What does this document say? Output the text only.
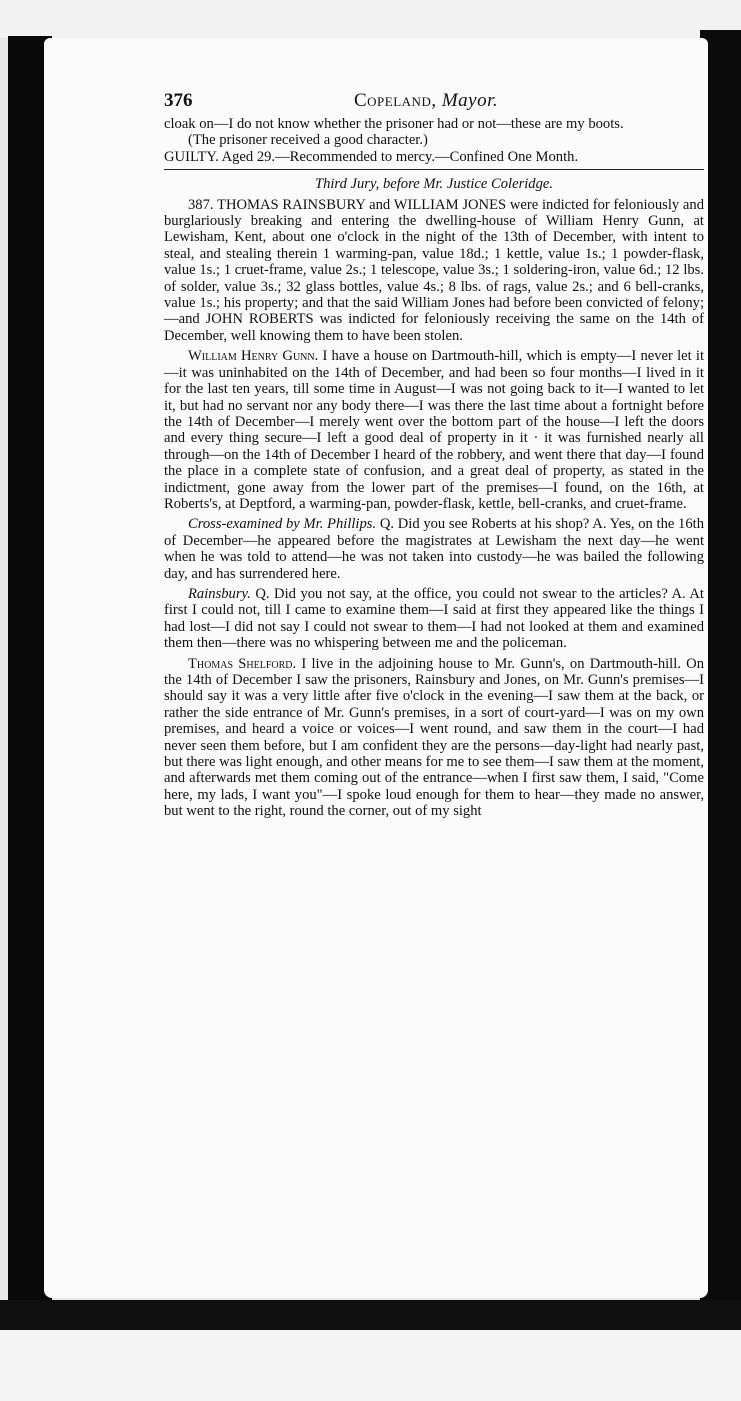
376	Copeland, Mayor.

cloak on—I do not know whether the prisoner had or not—these are my boots.

(The prisoner received a good character.)

GUILTY. Aged 29.—Recommended to mercy.—Confined One Month.

Third Jury, before Mr. Justice Coleridge.

387. THOMAS RAINSBURY and WILLIAM JONES were indicted for feloniously and burglariously breaking and entering the dwelling-house of William Henry Gunn, at Lewisham, Kent, about one o'clock in the night of the 13th of December, with intent to steal, and stealing therein 1 warming-pan, value 18d.; 1 kettle, value 1s.; 1 powder-flask, value 1s.; 1 cruet-frame, value 2s.; 1 telescope, value 3s.; 1 soldering-iron, value 6d.; 12 lbs. of solder, value 3s.; 32 glass bottles, value 4s.; 8 lbs. of rags, value 2s.; and 6 bell-cranks, value 1s.; his property; and that the said William Jones had before been convicted of felony;—and JOHN ROBERTS was indicted for feloniously receiving the same on the 14th of December, well knowing them to have been stolen.

William Henry Gunn. I have a house on Dartmouth-hill, which is empty—I never let it—it was uninhabited on the 14th of December, and had been so four months—I lived in it for the last ten years, till some time in August—I was not going back to it—I wanted to let it, but had no servant nor any body there—I was there the last time about a fortnight before the 14th of December—I merely went over the bottom part of the house—I left the doors and every thing secure—I left a good deal of property in it · it was furnished nearly all through—on the 14th of December I heard of the robbery, and went there that day—I found the place in a complete state of confusion, and a great deal of property, as stated in the indictment, gone away from the lower part of the premises—I found, on the 16th, at Roberts's, at Deptford, a warming-pan, powder-flask, kettle, bell-cranks, and cruet-frame.

Cross-examined by Mr. Phillips. Q. Did you see Roberts at his shop? A. Yes, on the 16th of December—he appeared before the magistrates at Lewisham the next day—he went when he was told to attend—he was not taken into custody—he was bailed the following day, and has surrendered here.

Rainsbury. Q. Did you not say, at the office, you could not swear to the articles? A. At first I could not, till I came to examine them—I said at first they appeared like the things I had lost—I did not say I could not swear to them—I had not looked at them and examined them then—there was no whispering between me and the policeman.

Thomas Shelford. I live in the adjoining house to Mr. Gunn's, on Dartmouth-hill. On the 14th of December I saw the prisoners, Rainsbury and Jones, on Mr. Gunn's premises—I should say it was a very little after five o'clock in the evening—I saw them at the back, or rather the side entrance of Mr. Gunn's premises, in a sort of court-yard—I was on my own premises, and heard a voice or voices—I went round, and saw them in the court—I had never seen them before, but I am confident they are the persons—day-light had nearly past, but there was light enough, and other means for me to see them—I saw them at the moment, and afterwards met them coming out of the entrance—when I first saw them, I said, "Come here, my lads, I want you"—I spoke loud enough for them to hear—they made no answer, but went to the right, round the corner, out of my sight
